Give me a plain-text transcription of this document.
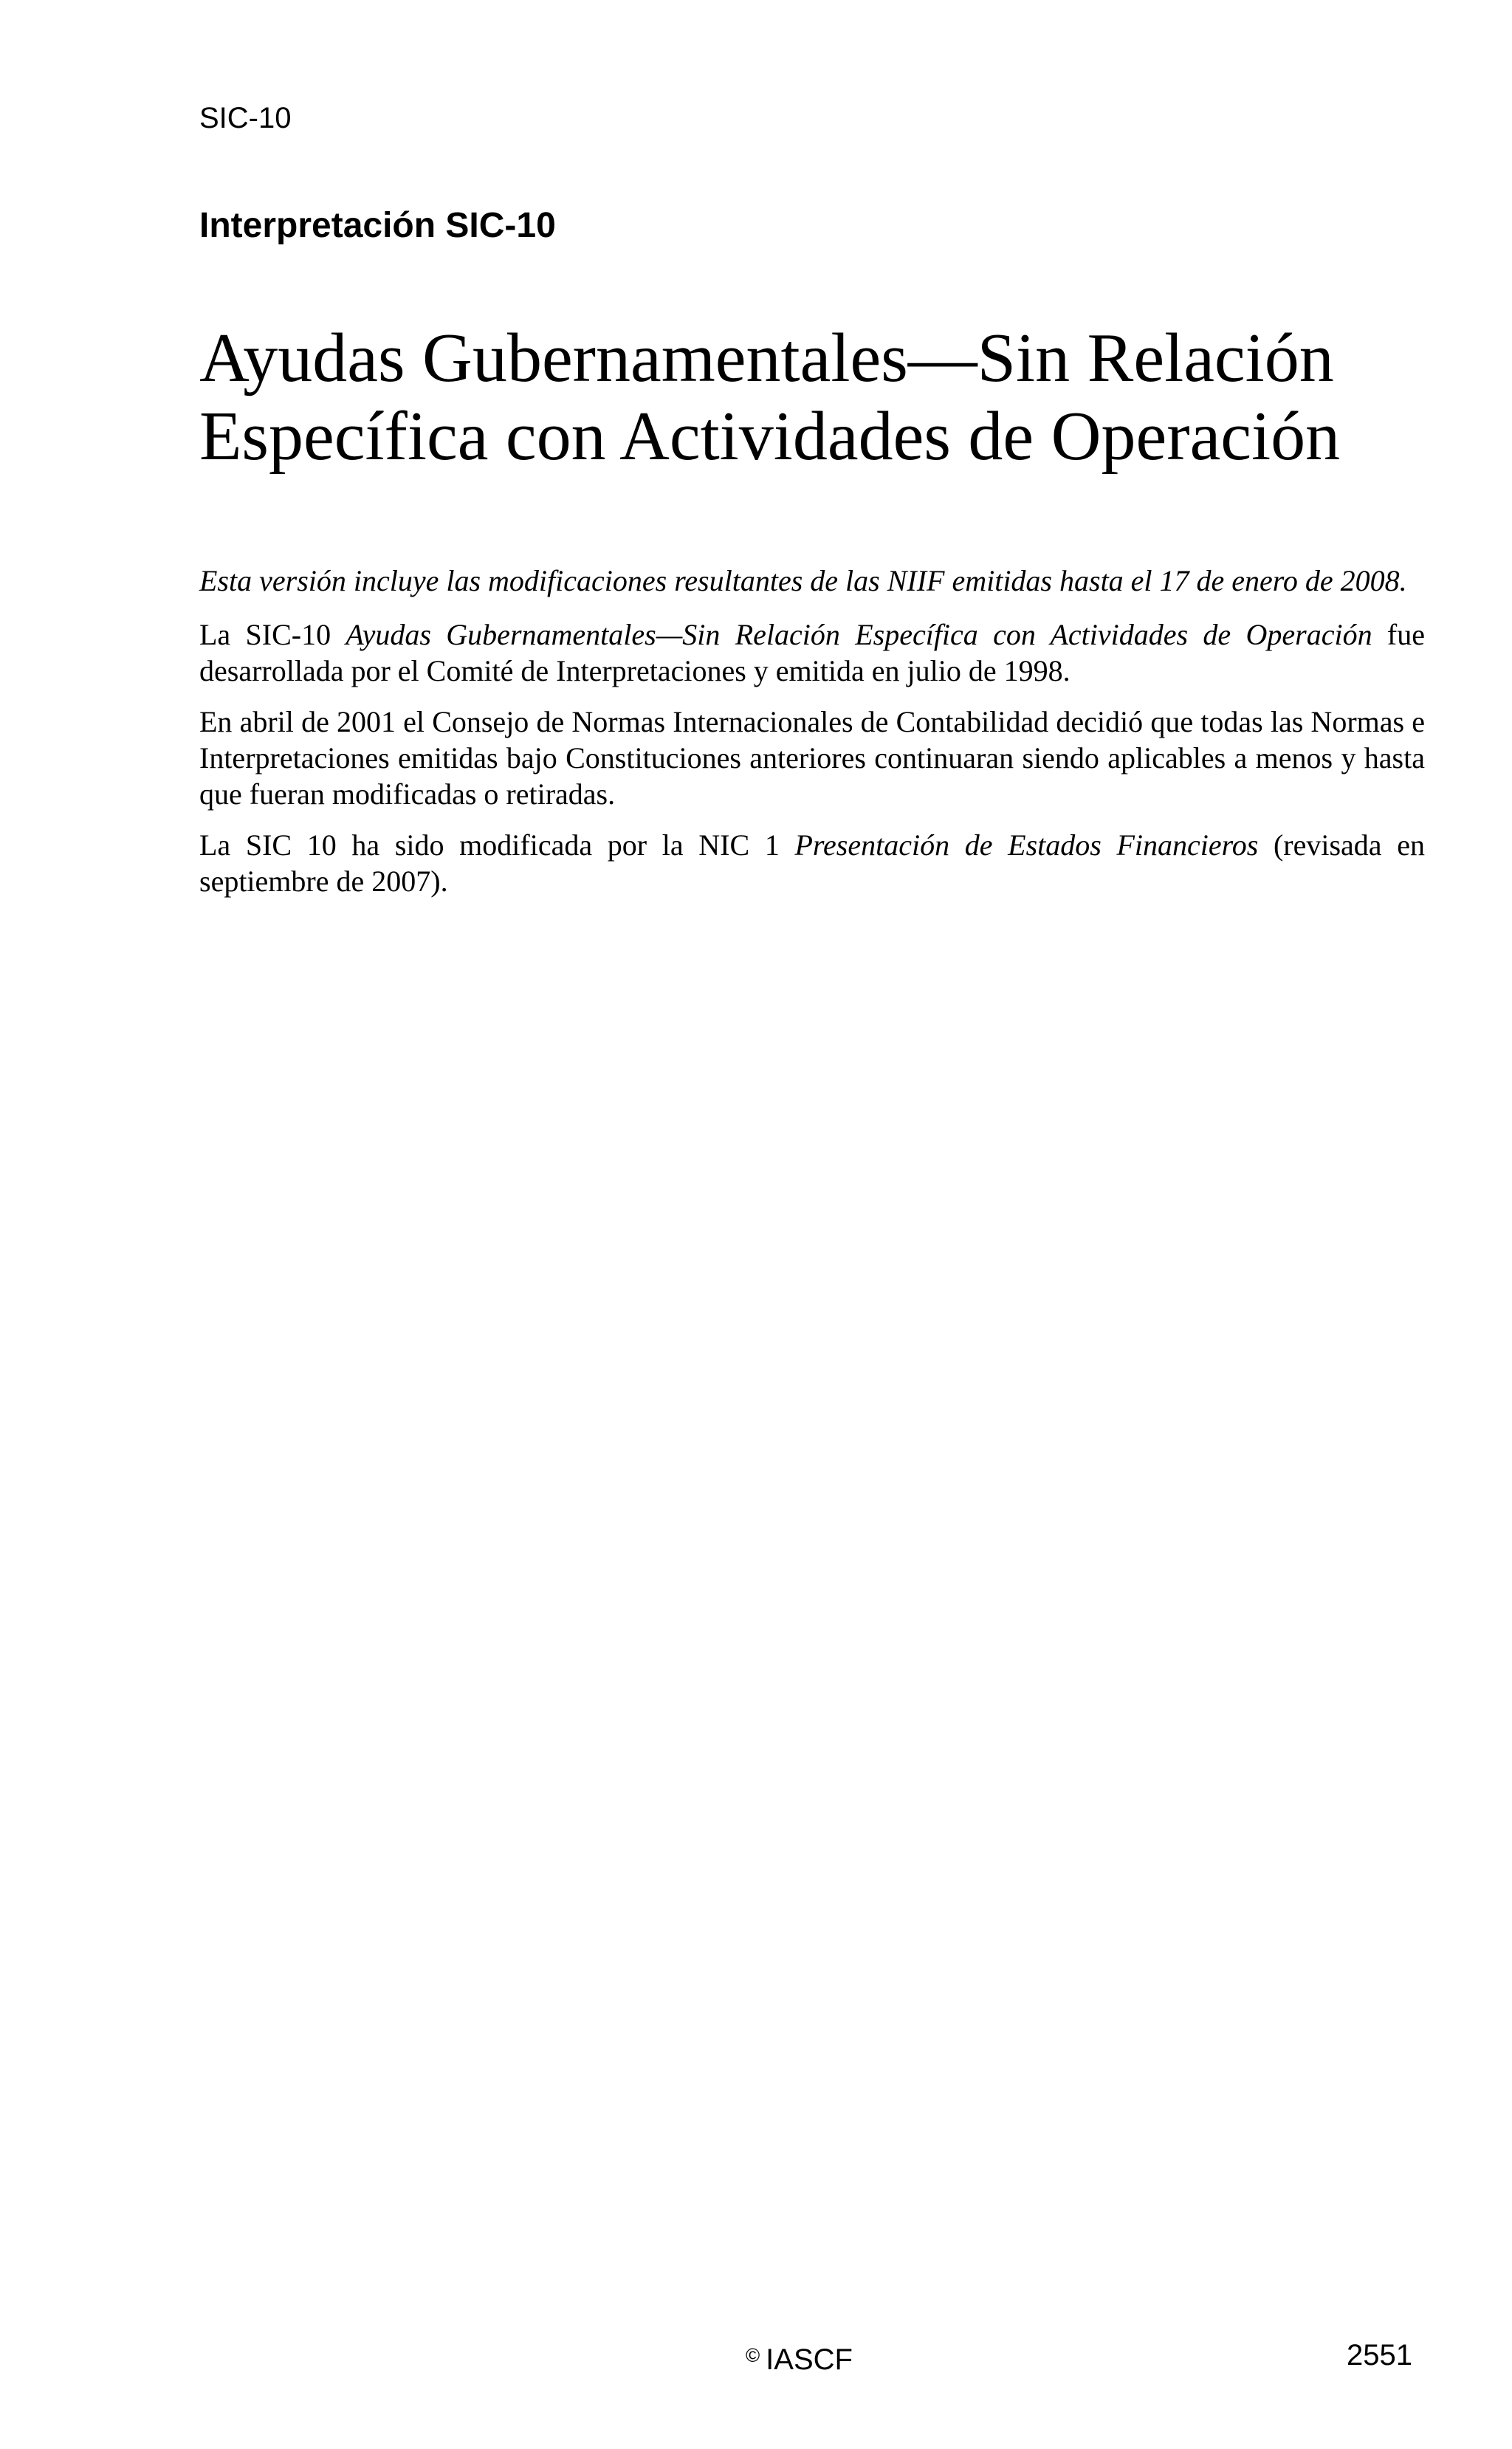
SIC-10
Interpretación SIC-10
Ayudas Gubernamentales—Sin Relación
Específica con Actividades de Operación

Esta versión incluye las modificaciones resultantes de las NIIF emitidas hasta el 17 de enero de 2008.

La SIC-10 Ayudas Gubernamentales—Sin Relación Específica con Actividades de Operación fue desarrollada por el Comité de Interpretaciones y emitida en julio de 1998.

En abril de 2001 el Consejo de Normas Internacionales de Contabilidad decidió que todas las Normas e Interpretaciones emitidas bajo Constituciones anteriores continuaran siendo aplicables a menos y hasta que fueran modificadas o retiradas.

La SIC 10 ha sido modificada por la NIC 1 Presentación de Estados Financieros (revisada en septiembre de 2007).

© IASCF	2551
